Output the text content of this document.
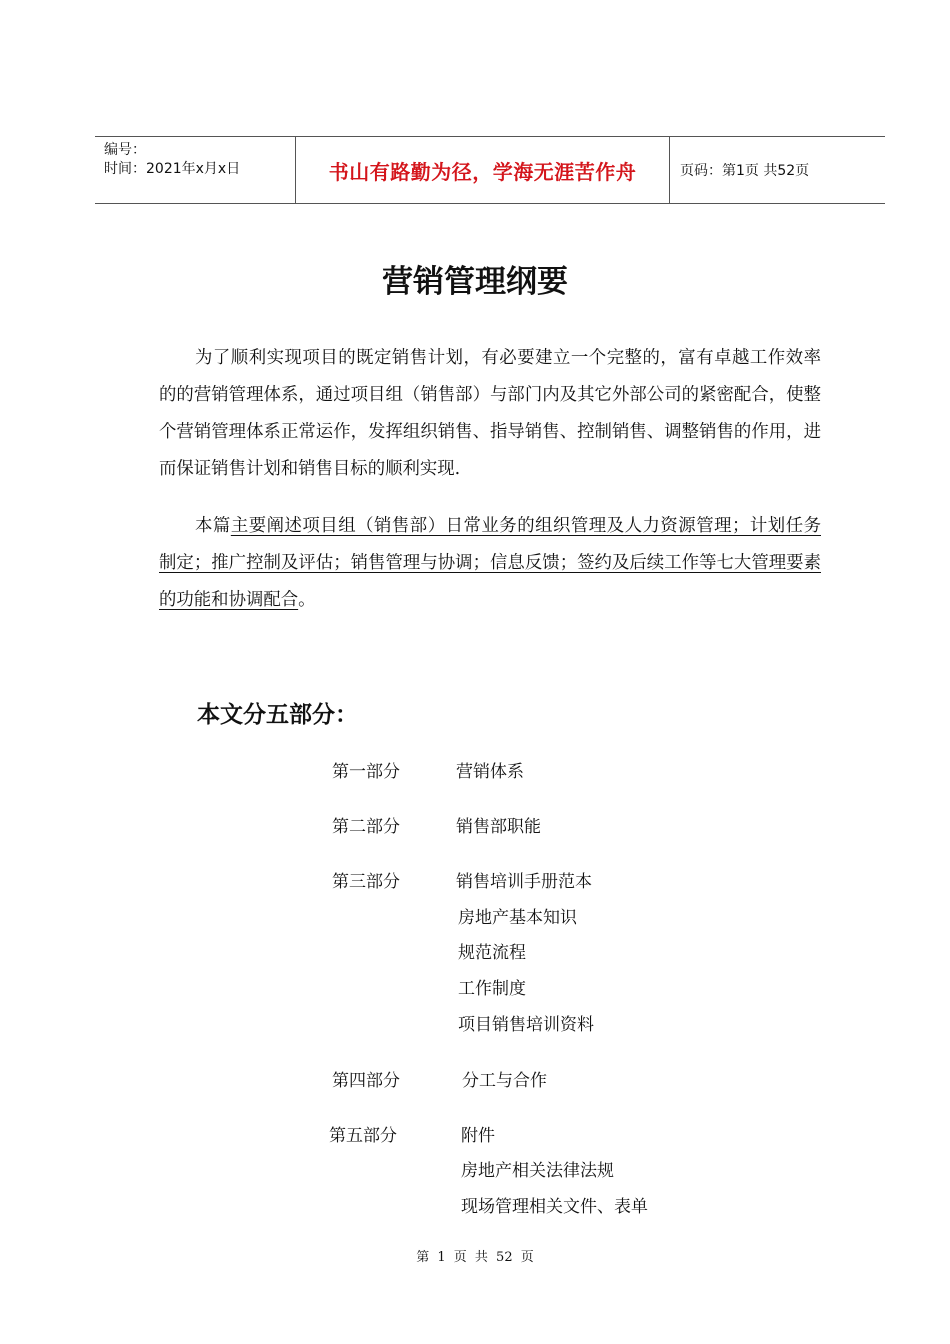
编号：
时间：2021年x月x日	书山有路勤为径，学海无涯苦作舟	页码：第1页 共52页
营销管理纲要

为了顺利实现项目的既定销售计划，有必要建立一个完整的，富有卓越工作效率的的营销管理体系，通过项目组（销售部）与部门内及其它外部公司的紧密配合，使整个营销管理体系正常运作，发挥组织销售、指导销售、控制销售、调整销售的作用，进而保证销售计划和销售目标的顺利实现.

本篇主要阐述项目组（销售部）日常业务的组织管理及人力资源管理；计划任务制定；推广控制及评估；销售管理与协调；信息反馈；签约及后续工作等七大管理要素的功能和协调配合。

本文分五部分：
第一部分	营销体系
第二部分	销售部职能
第三部分	销售培训手册范本
房地产基本知识
规范流程
工作制度
项目销售培训资料
第四部分	分工与合作
第五部分	附件
房地产相关法律法规
现场管理相关文件、表单
第 1 页 共 52 页
